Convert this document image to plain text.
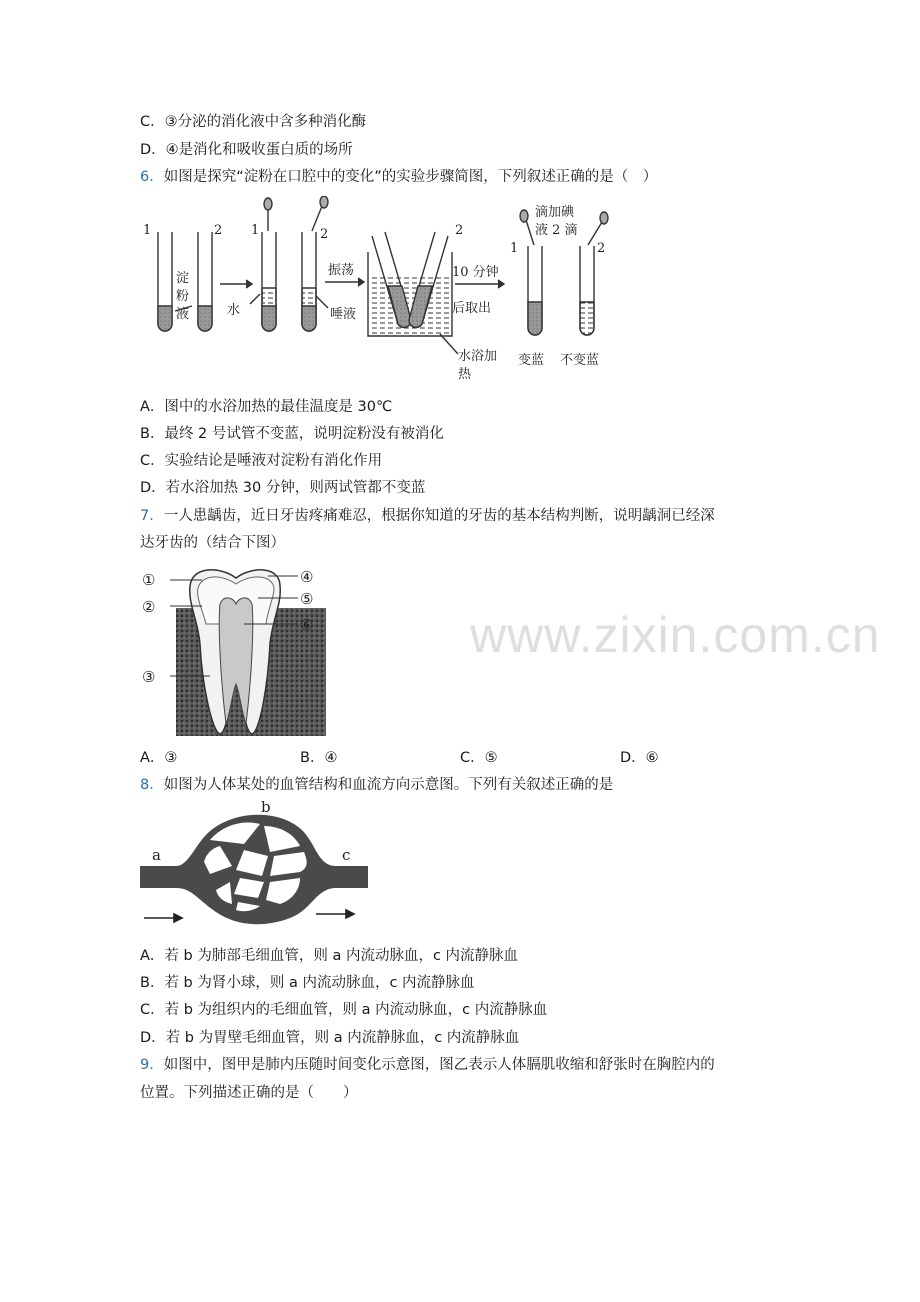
www.zixin.com.cn
C．③分泌的消化液中含多种消化酶
D．④是消化和吸收蛋白质的场所
6．如图是探究“淀粉在口腔中的变化”的实验步骤简图，下列叙述正确的是（　）
1	2
淀
粉
液
1	2
水	唾液
振荡
2
10 分钟
后取出
水浴加
热
滴加碘
液 2 滴
1	2
变蓝 不变蓝
A．图中的水浴加热的最佳温度是 30℃
B．最终 2 号试管不变蓝，说明淀粉没有被消化
C．实验结论是唾液对淀粉有消化作用
D．若水浴加热 30 分钟，则两试管都不变蓝
7．一人患龋齿，近日牙齿疼痛难忍，根据你知道的牙齿的基本结构判断，说明龋洞已经深
达牙齿的（结合下图）
①
②
③
④
⑤
⑥
A．③	B．④	C．⑤	D．⑥
8．如图为人体某处的血管结构和血流方向示意图。下列有关叙述正确的是
a
b
c
A．若 b 为肺部毛细血管，则 a 内流动脉血，c 内流静脉血
B．若 b 为肾小球，则 a 内流动脉血，c 内流静脉血
C．若 b 为组织内的毛细血管，则 a 内流动脉血，c 内流静脉血
D．若 b 为胃壁毛细血管，则 a 内流静脉血，c 内流静脉血
9．如图中，图甲是肺内压随时间变化示意图，图乙表示人体膈肌收缩和舒张时在胸腔内的
位置。下列描述正确的是（　　）
